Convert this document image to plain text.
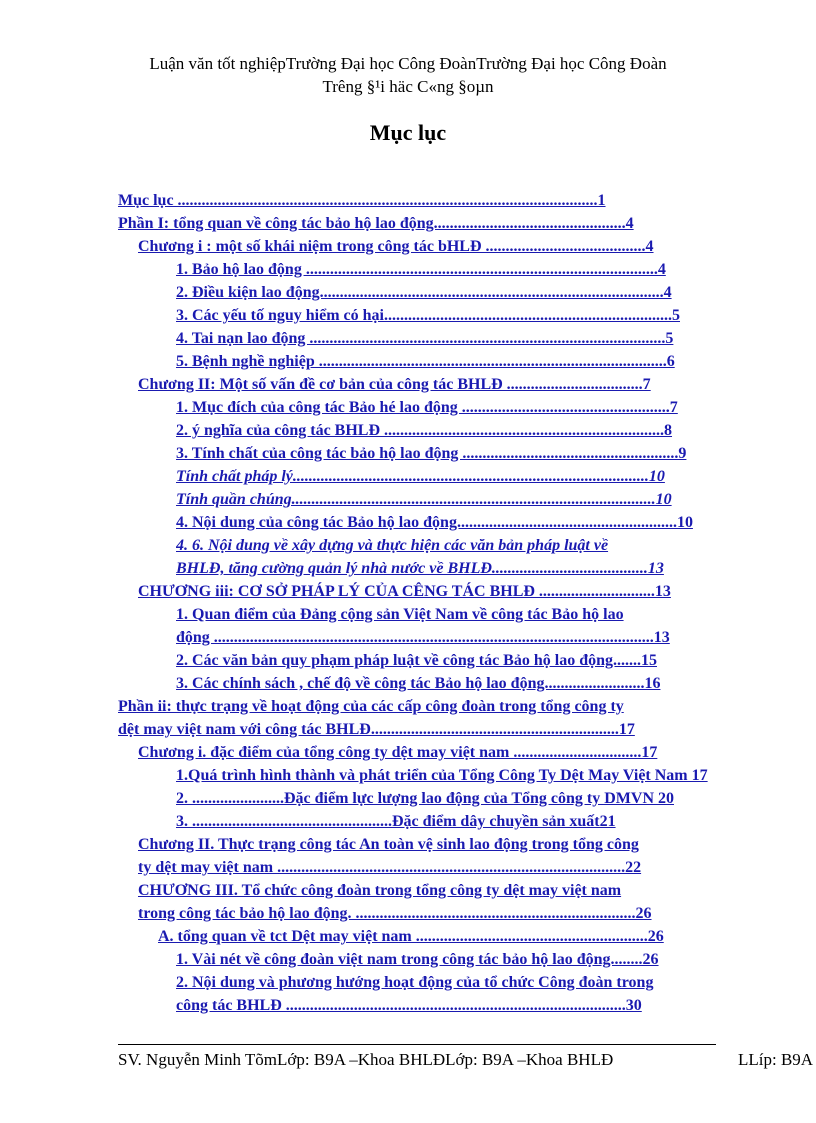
Luận văn tốt nghiệpTrường Đại học Công ĐoànTrường Đại học Công Đoàn
Trêng §¹i häc C«ng §oµn
Mục lục
Mục lục .........................................................................................................1
Phần I: tổng quan về công tác bảo hộ lao động................................................4
Chương i : một số khái niệm trong công tác bHLĐ ........................................4
1. Bảo hộ lao động ........................................................................................4
2. Điều kiện lao động......................................................................................4
3. Các yếu tố nguy hiểm có hại........................................................................5
4. Tai nạn lao động .........................................................................................5
5. Bệnh nghề nghiệp .......................................................................................6
Chương II: Một số vấn đề cơ bản của công tác BHLĐ ..................................7
1. Mục đích của công tác Bảo hé lao động ....................................................7
2. ý nghĩa của công tác BHLĐ ......................................................................8
3. Tính chất của công tác bảo hộ lao động ......................................................9
Tính chất pháp lý.........................................................................................10
Tính quần chúng...........................................................................................10
4. Nội dung của công tác Bảo hộ lao động.......................................................10
4. 6. Nội dung về xây dựng và thực hiện các văn bản pháp luật về
BHLĐ, tăng cường quản lý nhà nước về BHLĐ.......................................13
CHƯƠNG iii: CƠ SỞ PHÁP LÝ CỦA CÊNG TÁC BHLĐ .............................13
1. Quan điểm của Đảng cộng sản Việt Nam về công tác Bảo hộ lao
động ..............................................................................................................13
2. Các văn bản quy phạm pháp luật về công tác Bảo hộ lao động.......15
3. Các chính sách , chế độ về công tác Bảo hộ lao động.........................16
Phần ii: thực trạng về hoạt động của các cấp công đoàn trong tổng công ty
dệt may việt nam với công tác BHLĐ..............................................................17
Chương i. đặc điểm của tổng công ty dệt may việt nam ................................17
1.Quá trình hình thành và phát triển của Tổng Công Ty Dệt May Việt Nam 17
2. .......................Đặc điểm lực lượng lao động của Tổng công ty DMVN 20
3. ..................................................Đặc điểm dây chuyền sản xuất21
Chương II. Thực trạng công tác An toàn vệ sinh lao động trong tổng công
ty dệt may việt nam .......................................................................................22
CHƯƠNG III. Tổ chức công đoàn trong tổng công ty dệt may việt nam
trong công tác bảo hộ lao động. ......................................................................26
A. tổng quan về tct Dệt may việt nam ..........................................................26
1. Vài nét về công đoàn việt nam trong công tác bảo hộ lao động........26
2. Nội dung và phương hướng hoạt động của tổ chức Công đoàn trong
công tác BHLĐ .....................................................................................30
SV. Nguyễn Minh TõmLớp: B9A –Khoa BHLĐLớp: B9A –Khoa BHLĐ	LLíp: B9A
